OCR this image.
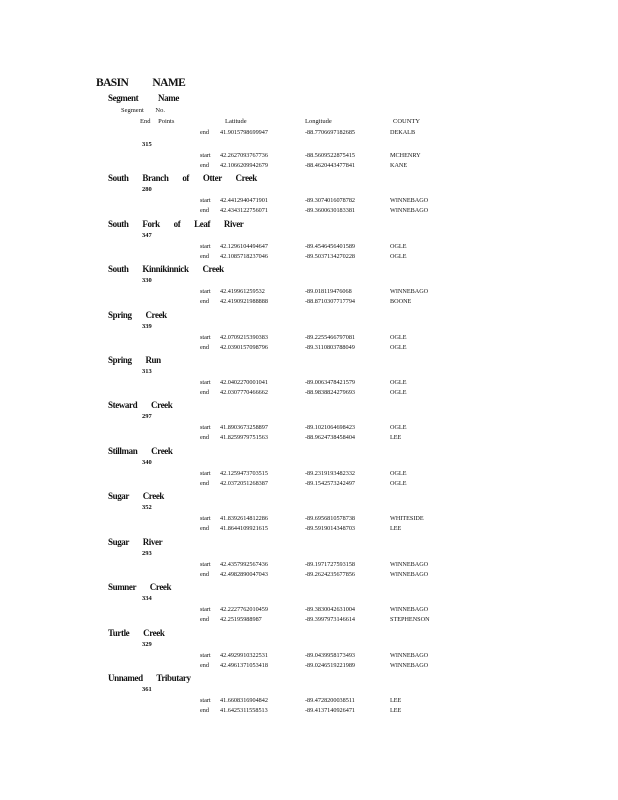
BASIN NAME
Segment Name
Segment No.
End Points	Latitude	Longitude	COUNTY
end 41.9015798699947	-88.7706697182685	DEKALB
315
start 42.2627093767736	-88.5609522875415	MCHENRY
end 42.1066209942679	-88.4620443477841	KANE
South Branch of Otter Creek
280
start 42.4412940471901	-89.3074016078782	WINNEBAGO
end 42.4343122756071	-89.3600630183381	WINNEBAGO
South Fork of Leaf River
347
start 42.1296104494647	-89.4546456401589	OGLE
end 42.1085718237046	-89.5037134270228	OGLE
South Kinnikinnick Creek
330
start 42.419961259532	-89.018119476068	WINNEBAGO
end 42.4190921988888	-88.8710307717794	BOONE
Spring Creek
339
start 42.0709215390383	-89.2255466797081	OGLE
end 42.0390157098796	-89.3110803788049	OGLE
Spring Run
313
start 42.0402270001041	-89.0063478421579	OGLE
end 42.0307770466662	-88.9838824279693	OGLE
Steward Creek
297
start 41.8903673258897	-89.1021064698423	OGLE
end 41.8259979751563	-88.9624738458404	LEE
Stillman Creek
340
start 42.1259473703515	-89.2319193482332	OGLE
end 42.0372051268387	-89.1542573242497	OGLE
Sugar Creek
352
start 41.8392614812286	-89.6956810578738	WHITESIDE
end 41.8644109921615	-89.5919014348703	LEE
Sugar River
293
start 42.4357992567436	-89.1971727593158	WINNEBAGO
end 42.4982890047043	-89.2624235677856	WINNEBAGO
Sumner Creek
334
start 42.2227762010459	-89.3830042631004	WINNEBAGO
end 42.25195988987	-89.3997973146614	STEPHENSON
Turtle Creek
329
start 42.4929910322531	-89.0439958173493	WINNEBAGO
end 42.4961371053418	-89.0246519221989	WINNEBAGO
Unnamed Tributary
361
start 41.6608316904842	-89.4728200038511	LEE
end 41.6425311558513	-89.4137140926471	LEE
